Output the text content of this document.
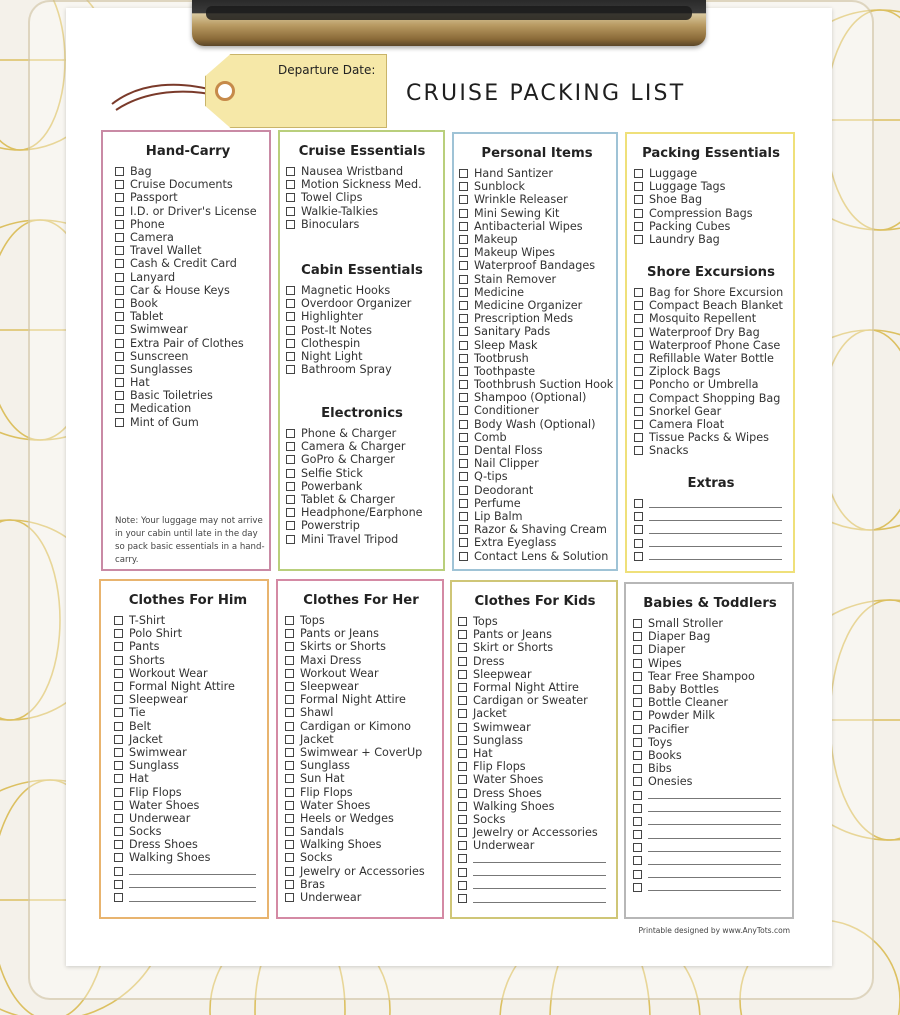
Departure Date:
CRUISE PACKING LIST
Hand-Carry
Bag
Cruise Documents
Passport
I.D. or Driver's License
Phone
Camera
Travel Wallet
Cash & Credit Card
Lanyard
Car & House Keys
Book
Tablet
Swimwear
Extra Pair of Clothes
Sunscreen
Sunglasses
Hat
Basic Toiletries
Medication
Mint of Gum
Note: Your luggage may not arrive in your cabin until late in the day so pack basic essentials in a hand-carry.
Cruise Essentials
Nausea Wristband
Motion Sickness Med.
Towel Clips
Walkie-Talkies
Binoculars
Cabin Essentials
Magnetic Hooks
Overdoor Organizer
Highlighter
Post-It Notes
Clothespin
Night Light
Bathroom Spray
Electronics
Phone & Charger
Camera & Charger
GoPro & Charger
Selfie Stick
Powerbank
Tablet & Charger
Headphone/Earphone
Powerstrip
Mini Travel Tripod
Personal Items
Hand Santizer
Sunblock
Wrinkle Releaser
Mini Sewing Kit
Antibacterial Wipes
Makeup
Makeup Wipes
Waterproof Bandages
Stain Remover
Medicine
Medicine Organizer
Prescription Meds
Sanitary Pads
Sleep Mask
Tootbrush
Toothpaste
Toothbrush Suction Hook
Shampoo (Optional)
Conditioner
Body Wash (Optional)
Comb
Dental Floss
Nail Clipper
Q-tips
Deodorant
Perfume
Lip Balm
Razor & Shaving Cream
Extra Eyeglass
Contact Lens & Solution
Packing Essentials
Luggage
Luggage Tags
Shoe Bag
Compression Bags
Packing Cubes
Laundry Bag
Shore Excursions
Bag for Shore Excursion
Compact Beach Blanket
Mosquito Repellent
Waterproof Dry Bag
Waterproof Phone Case
Refillable Water Bottle
Ziplock Bags
Poncho or Umbrella
Compact Shopping Bag
Snorkel Gear
Camera Float
Tissue Packs & Wipes
Snacks
Extras
Clothes For Him
T-Shirt
Polo Shirt
Pants
Shorts
Workout Wear
Formal Night Attire
Sleepwear
Tie
Belt
Jacket
Swimwear
Sunglass
Hat
Flip Flops
Water Shoes
Underwear
Socks
Dress Shoes
Walking Shoes
Clothes For Her
Tops
Pants or Jeans
Skirts or Shorts
Maxi Dress
Workout Wear
Sleepwear
Formal Night Attire
Shawl
Cardigan or Kimono
Jacket
Swimwear + CoverUp
Sunglass
Sun Hat
Flip Flops
Water Shoes
Heels or Wedges
Sandals
Walking Shoes
Socks
Jewelry or Accessories
Bras
Underwear
Clothes For Kids
Tops
Pants or Jeans
Skirt or Shorts
Dress
Sleepwear
Formal Night Attire
Cardigan or Sweater
Jacket
Swimwear
Sunglass
Hat
Flip Flops
Water Shoes
Dress Shoes
Walking Shoes
Socks
Jewelry or Accessories
Underwear
Babies & Toddlers
Small Stroller
Diaper Bag
Diaper
Wipes
Tear Free Shampoo
Baby Bottles
Bottle Cleaner
Powder Milk
Pacifier
Toys
Books
Bibs
Onesies
Printable designed by www.AnyTots.com
